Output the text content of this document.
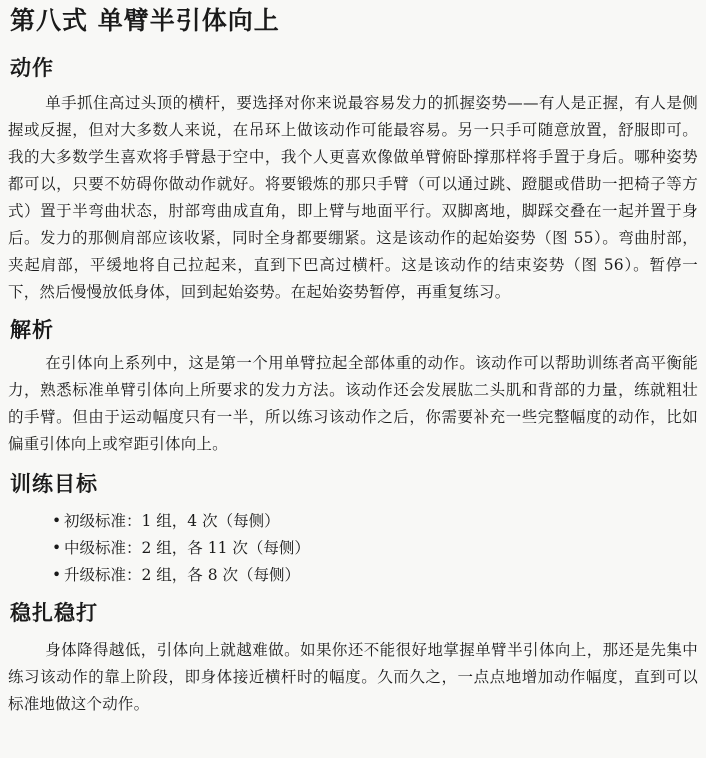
第八式 单臂半引体向上
动作

单手抓住高过头顶的横杆，要选择对你来说最容易发力的抓握姿势——有人是正握，有人是侧握或反握，但对大多数人来说，在吊环上做该动作可能最容易。另一只手可随意放置，舒服即可。我的大多数学生喜欢将手臂悬于空中，我个人更喜欢像做单臂俯卧撑那样将手置于身后。哪种姿势都可以，只要不妨碍你做动作就好。将要锻炼的那只手臂（可以通过跳、蹬腿或借助一把椅子等方式）置于半弯曲状态，肘部弯曲成直角，即上臂与地面平行。双脚离地，脚踩交叠在一起并置于身后。发力的那侧肩部应该收紧，同时全身都要绷紧。这是该动作的起始姿势（图 55）。弯曲肘部，夹起肩部，平缓地将自己拉起来，直到下巴高过横杆。这是该动作的结束姿势（图 56）。暂停一下，然后慢慢放低身体，回到起始姿势。在起始姿势暂停，再重复练习。

解析

在引体向上系列中，这是第一个用单臂拉起全部体重的动作。该动作可以帮助训练者高平衡能力，熟悉标准单臂引体向上所要求的发力方法。该动作还会发展肱二头肌和背部的力量，练就粗壮的手臂。但由于运动幅度只有一半，所以练习该动作之后，你需要补充一些完整幅度的动作，比如偏重引体向上或窄距引体向上。

训练目标
• 初级标准：1 组，4 次（每侧）
• 中级标准：2 组，各 11 次（每侧）
• 升级标准：2 组，各 8 次（每侧）
稳扎稳打

身体降得越低，引体向上就越难做。如果你还不能很好地掌握单臂半引体向上，那还是先集中练习该动作的靠上阶段，即身体接近横杆时的幅度。久而久之，一点点地增加动作幅度，直到可以标准地做这个动作。
